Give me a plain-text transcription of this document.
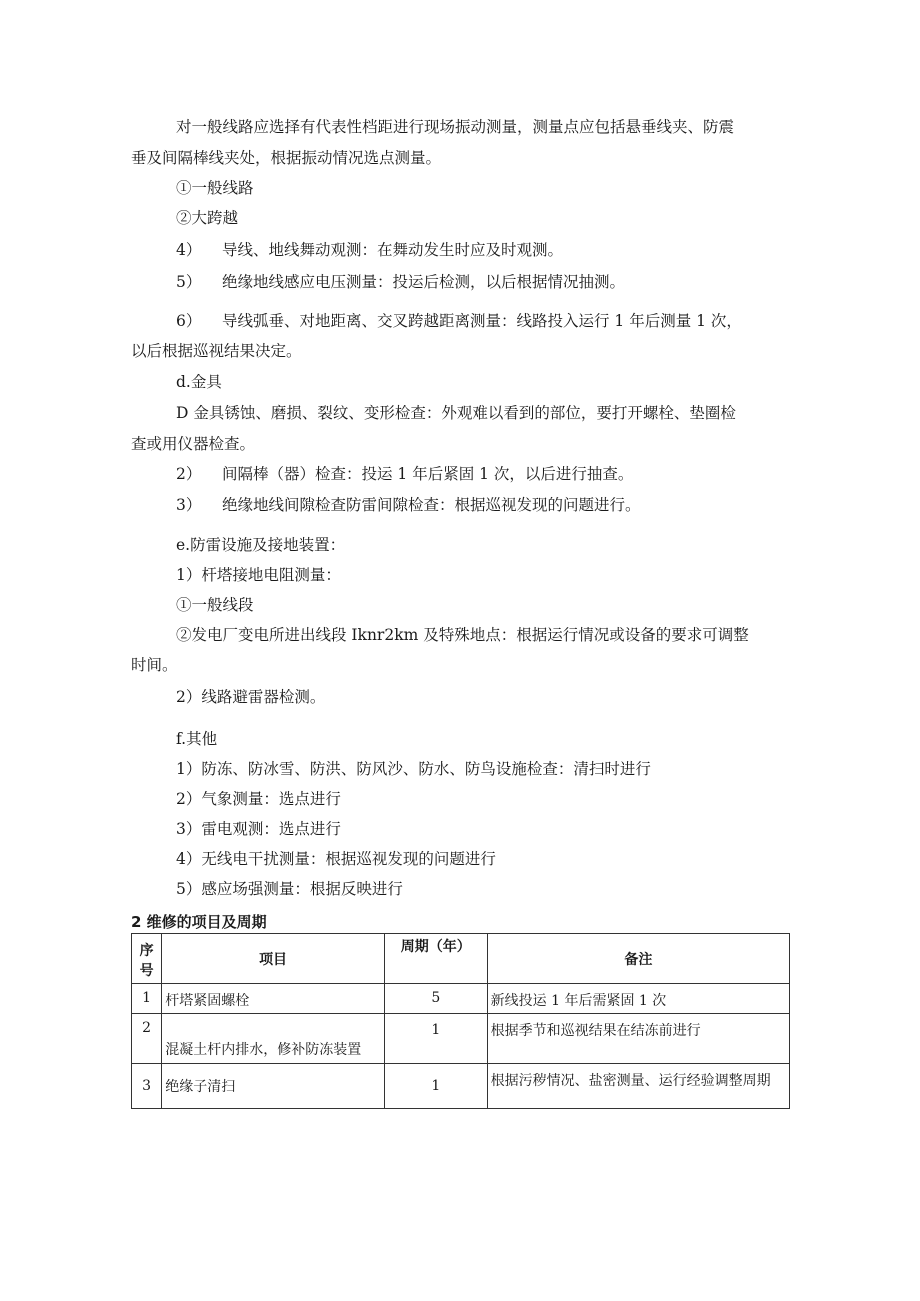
对一般线路应选择有代表性档距进行现场振动测量，测量点应包括悬垂线夹、防震
垂及间隔棒线夹处，根据振动情况选点测量。
①一般线路
②大跨越
4） 导线、地线舞动观测：在舞动发生时应及时观测。
5） 绝缘地线感应电压测量：投运后检测，以后根据情况抽测。
6） 导线弧垂、对地距离、交叉跨越距离测量：线路投入运行 1 年后测量 1 次，
以后根据巡视结果决定。
d.金具
D 金具锈蚀、磨损、裂纹、变形检查：外观难以看到的部位，要打开螺栓、垫圈检
查或用仪器检查。
2） 间隔棒（器）检查：投运 1 年后紧固 1 次，以后进行抽查。
3） 绝缘地线间隙检查防雷间隙检查：根据巡视发现的问题进行。
e.防雷设施及接地装置：
1）杆塔接地电阻测量：
①一般线段
②发电厂变电所进出线段 Iknr2km 及特殊地点：根据运行情况或设备的要求可调整
时间。
2）线路避雷器检测。
f.其他
1）防冻、防冰雪、防洪、防风沙、防水、防鸟设施检查：清扫时进行
2）气象测量：选点进行
3）雷电观测：选点进行
4）无线电干扰测量：根据巡视发现的问题进行
5）感应场强测量：根据反映进行
2 维修的项目及周期
序号	项目	周期（年）	备注
1	杆塔紧固螺栓	5	新线投运 1 年后需紧固 1 次
2	混凝土杆内排水，修补防冻装置	1	根据季节和巡视结果在结冻前进行
3	绝缘子清扫	1	根据污秽情况、盐密测量、运行经验调整周期
